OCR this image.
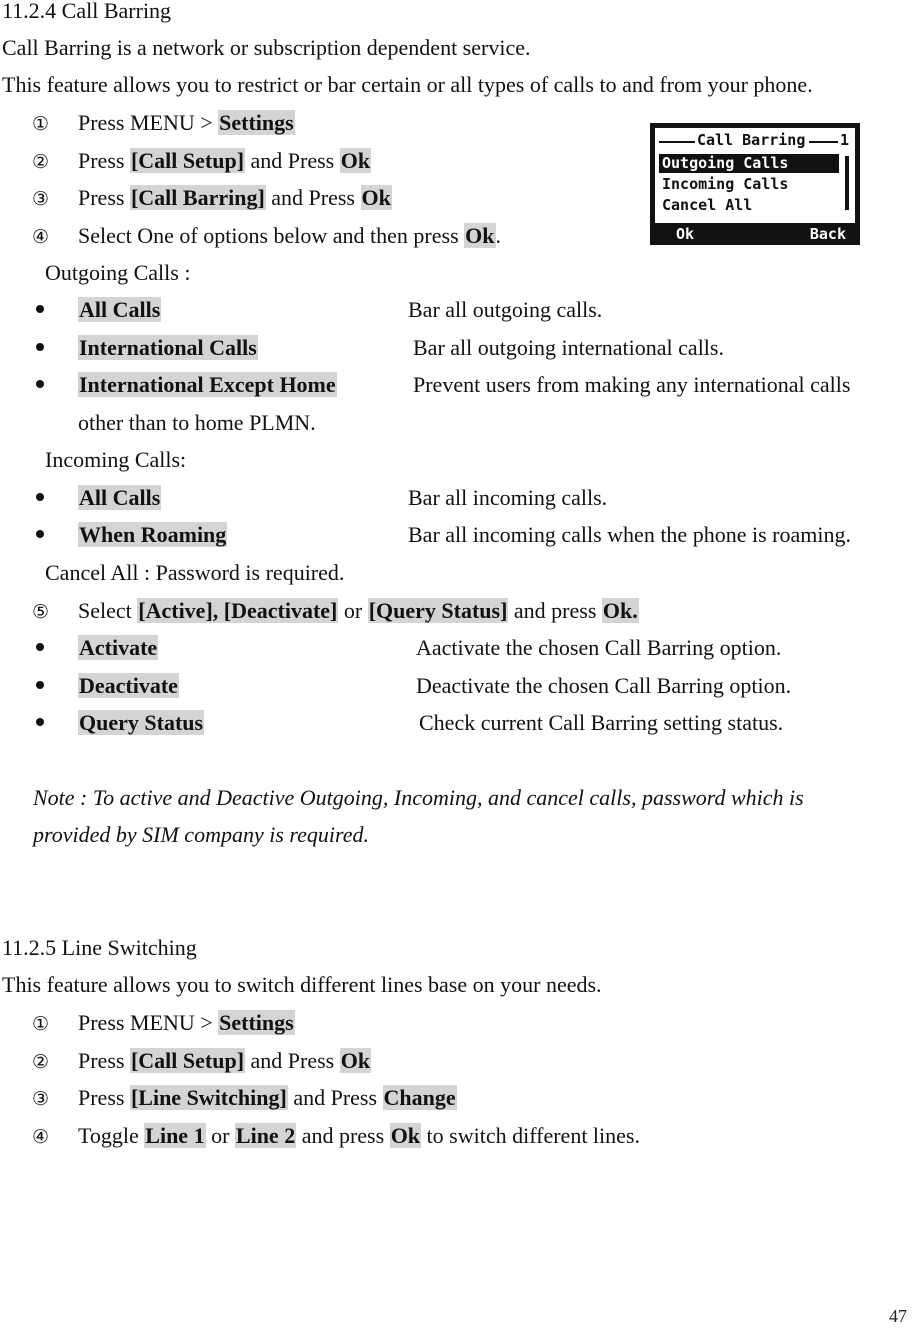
11.2.4 Call Barring
Call Barring is a network or subscription dependent service.
This feature allows you to restrict or bar certain or all types of calls to and from your phone.
① Press MENU > Settings
② Press [Call Setup] and Press Ok
③ Press [Call Barring] and Press Ok
④ Select One of options below and then press Ok.
Call Barring 1
Outgoing Calls
Incoming Calls
Cancel All
Ok	Back
Outgoing Calls :
All Calls	Bar all outgoing calls.
International Calls	Bar all outgoing international calls.
International Except Home	Prevent users from making any international calls
other than to home PLMN.
Incoming Calls:
All Calls	Bar all incoming calls.
When Roaming	Bar all incoming calls when the phone is roaming.
Cancel All : Password is required.
⑤ Select [Active], [Deactivate] or [Query Status] and press Ok.
Activate	Aactivate the chosen Call Barring option.
Deactivate	Deactivate the chosen Call Barring option.
Query Status	Check current Call Barring setting status.
Note : To active and Deactive Outgoing, Incoming, and cancel calls, password which is
provided by SIM company is required.
11.2.5 Line Switching
This feature allows you to switch different lines base on your needs.
① Press MENU > Settings
② Press [Call Setup] and Press Ok
③ Press [Line Switching] and Press Change
④ Toggle Line 1 or Line 2 and press Ok to switch different lines.
47
